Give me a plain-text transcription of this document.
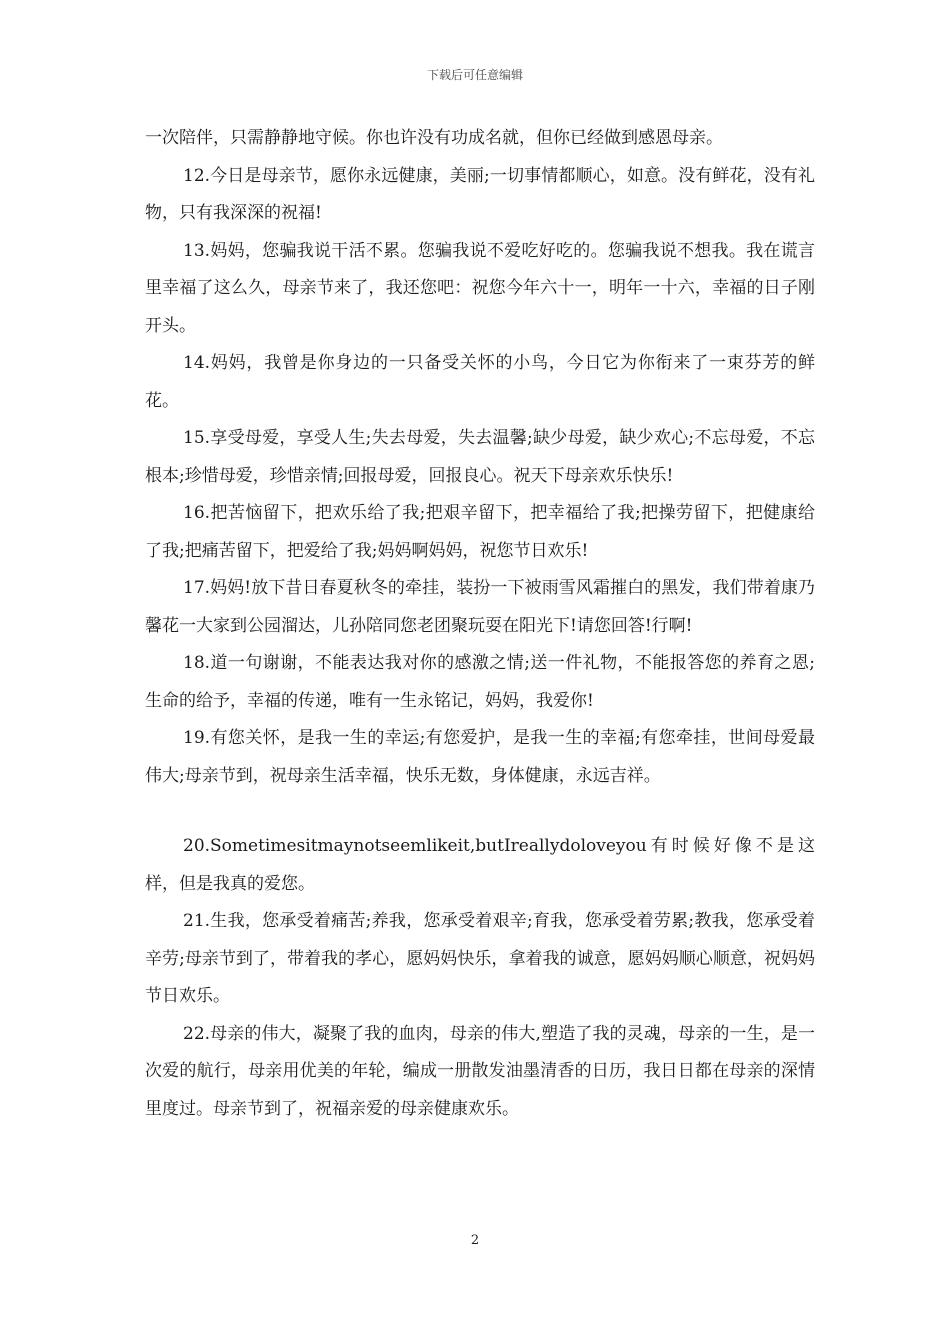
下载后可任意编辑

一次陪伴，只需静静地守候。你也许没有功成名就，但你已经做到感恩母亲。

12.今日是母亲节，愿你永远健康，美丽;一切事情都顺心，如意。没有鲜花，没有礼物，只有我深深的祝福!

13.妈妈，您骗我说干活不累。您骗我说不爱吃好吃的。您骗我说不想我。我在谎言里幸福了这么久，母亲节来了，我还您吧：祝您今年六十一，明年一十六，幸福的日子刚开头。

14.妈妈，我曾是你身边的一只备受关怀的小鸟，今日它为你衔来了一束芬芳的鲜花。

15.享受母爱，享受人生;失去母爱，失去温馨;缺少母爱，缺少欢心;不忘母爱，不忘根本;珍惜母爱，珍惜亲情;回报母爱，回报良心。祝天下母亲欢乐快乐!

16.把苦恼留下，把欢乐给了我;把艰辛留下，把幸福给了我;把操劳留下，把健康给了我;把痛苦留下，把爱给了我;妈妈啊妈妈，祝您节日欢乐!

17.妈妈!放下昔日春夏秋冬的牵挂，装扮一下被雨雪风霜摧白的黑发，我们带着康乃馨花一大家到公园溜达，儿孙陪同您老团聚玩耍在阳光下!请您回答!行啊!

18.道一句谢谢，不能表达我对你的感激之情;送一件礼物，不能报答您的养育之恩;生命的给予，幸福的传递，唯有一生永铭记，妈妈，我爱你!

19.有您关怀，是我一生的幸运;有您爱护，是我一生的幸福;有您牵挂，世间母爱最伟大;母亲节到，祝母亲生活幸福，快乐无数，身体健康，永远吉祥。

20.Sometimesitmaynotseemlikeit,butIreallydoloveyou有时候好像不是这样，但是我真的爱您。

21.生我，您承受着痛苦;养我，您承受着艰辛;育我，您承受着劳累;教我，您承受着辛劳;母亲节到了，带着我的孝心，愿妈妈快乐，拿着我的诚意，愿妈妈顺心顺意，祝妈妈节日欢乐。

22.母亲的伟大，凝聚了我的血肉，母亲的伟大,塑造了我的灵魂，母亲的一生，是一次爱的航行，母亲用优美的年轮，编成一册散发油墨清香的日历，我日日都在母亲的深情里度过。母亲节到了，祝福亲爱的母亲健康欢乐。

2
